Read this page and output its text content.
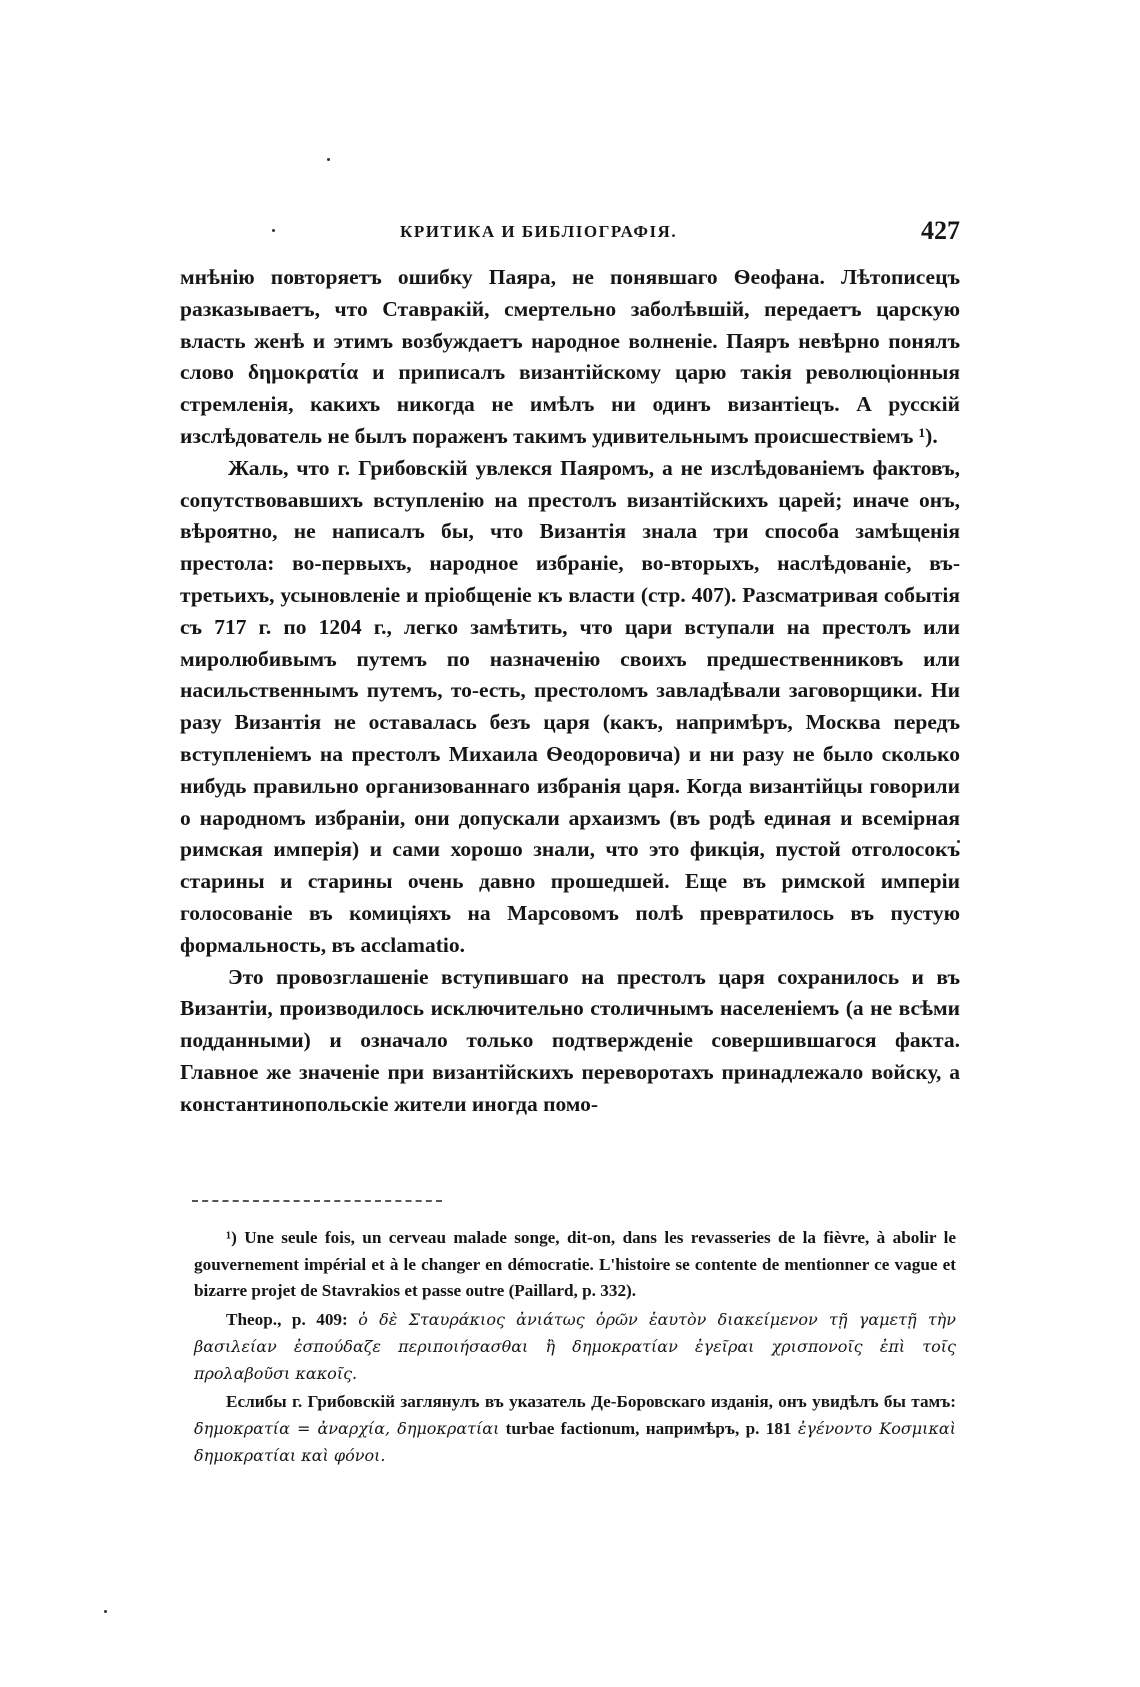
КРИТИКА И БИБЛІОГРАФІЯ.	427

мнѣнію повторяетъ ошибку Паяра, не понявшаго Ѳеофана. Лѣтописецъ разказываетъ, что Ставракій, смертельно заболѣвшій, передаетъ царскую власть женѣ и этимъ возбуждаетъ народное волненіе. Паяръ невѣрно понялъ слово δημοκρατία и приписалъ византійскому царю такія революціонныя стремленія, какихъ никогда не имѣлъ ни одинъ византіецъ. А русскій изслѣдователь не былъ пораженъ такимъ удивительнымъ происшествіемъ ¹).

Жаль, что г. Грибовскій увлекся Паяромъ, а не изслѣдованіемъ фактовъ, сопутствовавшихъ вступленію на престолъ византійскихъ царей; иначе онъ, вѣроятно, не написалъ бы, что Византія знала три способа замѣщенія престола: во-первыхъ, народное избраніе, во-вторыхъ, наслѣдованіе, въ-третьихъ, усыновленіе и пріобщеніе къ власти (стр. 407). Разсматривая событія съ 717 г. по 1204 г., легко замѣтить, что цари вступали на престолъ или миролюбивымъ путемъ по назначенію своихъ предшественниковъ или насильственнымъ путемъ, то-есть, престоломъ завладѣвали заговорщики. Ни разу Византія не оставалась безъ царя (какъ, напримѣръ, Москва передъ вступленіемъ на престолъ Михаила Ѳеодоровича) и ни разу не было сколько нибудь правильно организованнаго избранія царя. Когда византійцы говорили о народномъ избраніи, они допускали архаизмъ (въ родѣ единая и всемірная римская имперія) и сами хорошо знали, что это фикція, пустой отголосокъ старины и старины очень давно прошедшей. Еще въ римской имперіи голосованіе въ комиціяхъ на Марсовомъ полѣ превратилось въ пустую формальность, въ acclamatio.

Это провозглашеніе вступившаго на престолъ царя сохранилось и въ Византіи, производилось исключительно столичнымъ населеніемъ (а не всѣми подданными) и означало только подтвержденіе совершившагося факта. Главное же значеніе при византійскихъ переворотахъ принадлежало войску, а константинопольскіе жители иногда помо-

¹) Une seule fois, un cerveau malade songe, dit-on, dans les revasseries de la fièvre, à abolir le gouvernement impérial et à le changer en démocratie. L'histoire se contente de mentionner ce vague et bizarre projet de Stavrakios et passe outre (Paillard, p. 332).

Theop., p. 409: ὁ δὲ Σταυράκιος ἀνιάτως ὁρῶν ἑαυτὸν διακείμενον τῇ γαμετῇ τὴν βασιλείαν ἐσπούδαζε περιποιήσασθαι ἢ δημοκρατίαν ἐγεῖραι χρισπονοῖς ἐπὶ τοῖς προλαβοῦσι κακοῖς.

Еслибы г. Грибовскій заглянулъ въ указатель Де-Боровскаго изданія, онъ увидѣлъ бы тамъ: δημοκρατία = ἀναρχία, δημοκρατίαι turbae factionum, напримѣръ, р. 181 ἐγένοντο Κοσμικαὶ δημοκρατίαι καὶ φόνοι.
